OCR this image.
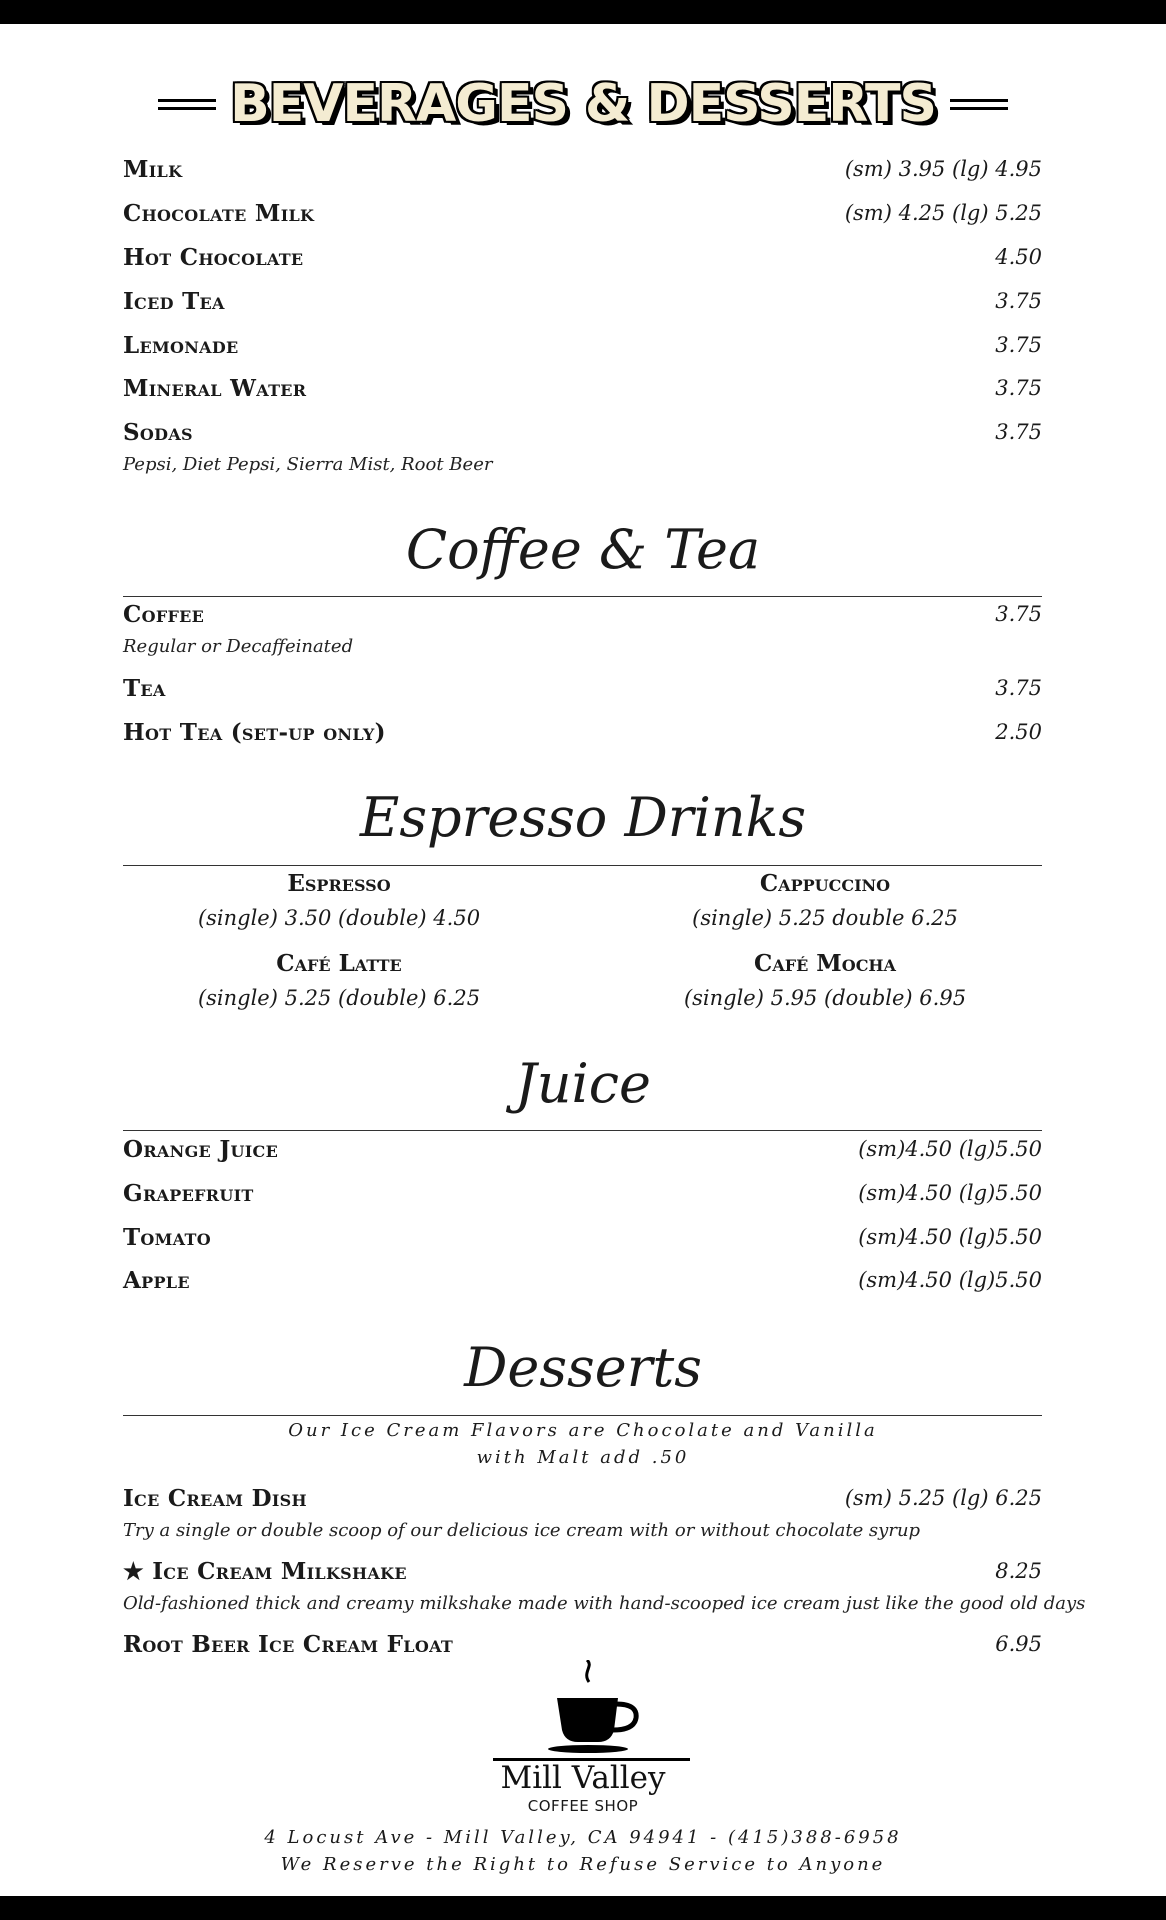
BEVERAGES & DESSERTS
Milk	(sm) 3.95 (lg) 4.95
Chocolate Milk	(sm) 4.25 (lg) 5.25
Hot Chocolate	4.50
Iced Tea	3.75
Lemonade	3.75
Mineral Water	3.75
Sodas	3.75
Pepsi, Diet Pepsi, Sierra Mist, Root Beer
Coffee & Tea
Coffee	3.75
Regular or Decaffeinated
Tea	3.75
Hot Tea (set-up only)	2.50
Espresso Drinks
Espresso
(single) 3.50 (double) 4.50
Cappuccino
(single) 5.25 double 6.25
Café Latte
(single) 5.25 (double) 6.25
Café Mocha
(single) 5.95 (double) 6.95
Juice
Orange Juice	(sm)4.50 (lg)5.50
Grapefruit	(sm)4.50 (lg)5.50
Tomato	(sm)4.50 (lg)5.50
Apple	(sm)4.50 (lg)5.50
Desserts
Our Ice Cream Flavors are Chocolate and Vanilla
with Malt add .50
Ice Cream Dish	(sm) 5.25 (lg) 6.25
Try a single or double scoop of our delicious ice cream with or without chocolate syrup
★ Ice Cream Milkshake	8.25
Old-fashioned thick and creamy milkshake made with hand-scooped ice cream just like the good old days
Root Beer Ice Cream Float	6.95
Mill Valley
COFFEE SHOP
4 Locust Ave - Mill Valley, CA 94941 - (415)388-6958
We Reserve the Right to Refuse Service to Anyone
